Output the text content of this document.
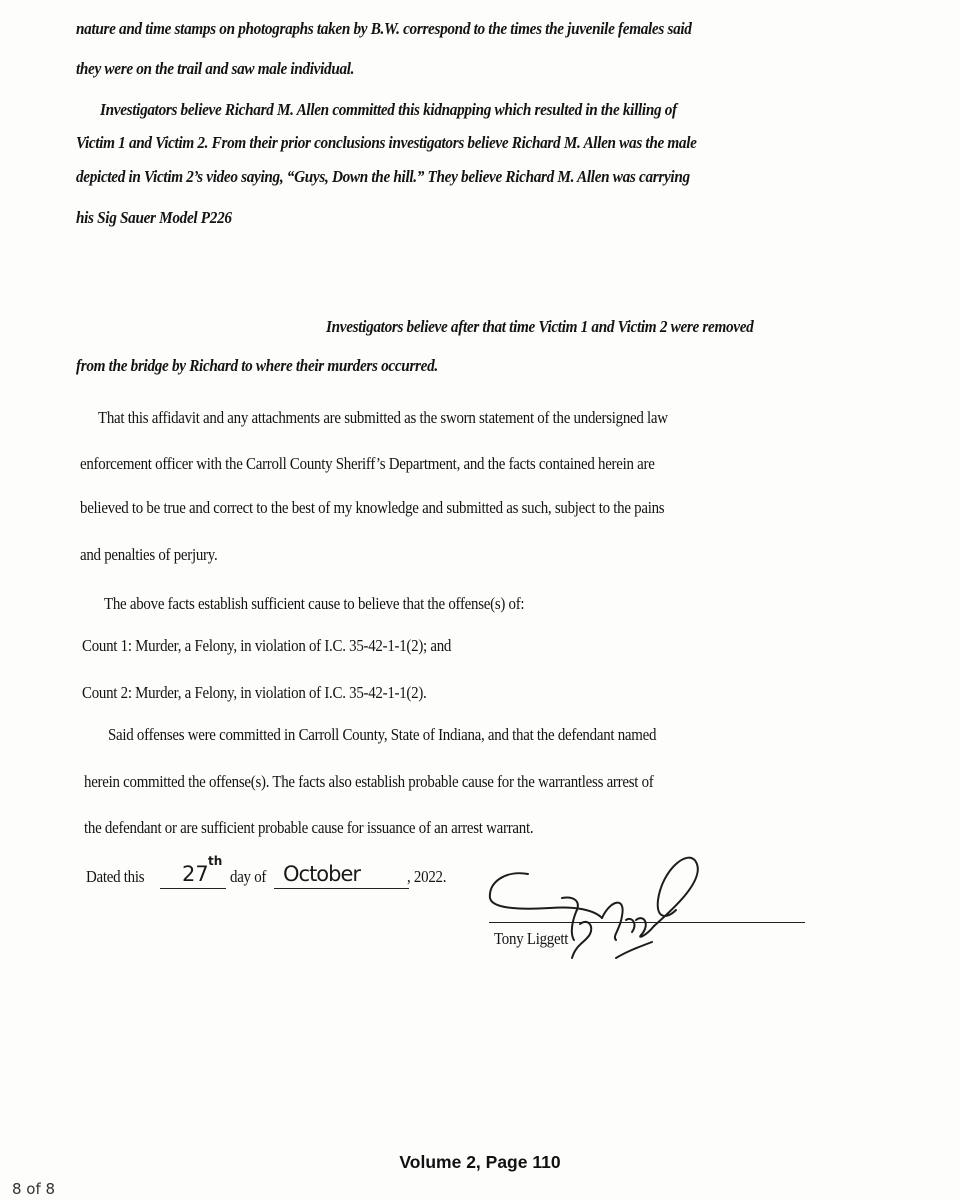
nature and time stamps on photographs taken by B.W. correspond to the times the juvenile females said
they were on the trail and saw male individual.
Investigators believe Richard M. Allen committed this kidnapping which resulted in the killing of
Victim 1 and Victim 2. From their prior conclusions investigators believe Richard M. Allen was the male
depicted in Victim 2’s video saying, “Guys, Down the hill.” They believe Richard M. Allen was carrying
his Sig Sauer Model P226
Investigators believe after that time Victim 1 and Victim 2 were removed
from the bridge by Richard to where their murders occurred.
That this affidavit and any attachments are submitted as the sworn statement of the undersigned law
enforcement officer with the Carroll County Sheriff’s Department, and the facts contained herein are
believed to be true and correct to the best of my knowledge and submitted as such, subject to the pains
and penalties of perjury.
The above facts establish sufficient cause to believe that the offense(s) of:
Count 1: Murder, a Felony, in violation of I.C. 35-42-1-1(2); and
Count 2: Murder, a Felony, in violation of I.C. 35-42-1-1(2).
Said offenses were committed in Carroll County, State of Indiana, and that the defendant named
herein committed the offense(s). The facts also establish probable cause for the warrantless arrest of
the defendant or are sufficient probable cause for issuance of an arrest warrant.
Dated this 27
th
day of October	, 2022.
Tony Liggett
Volume 2, Page 110
8 of 8
